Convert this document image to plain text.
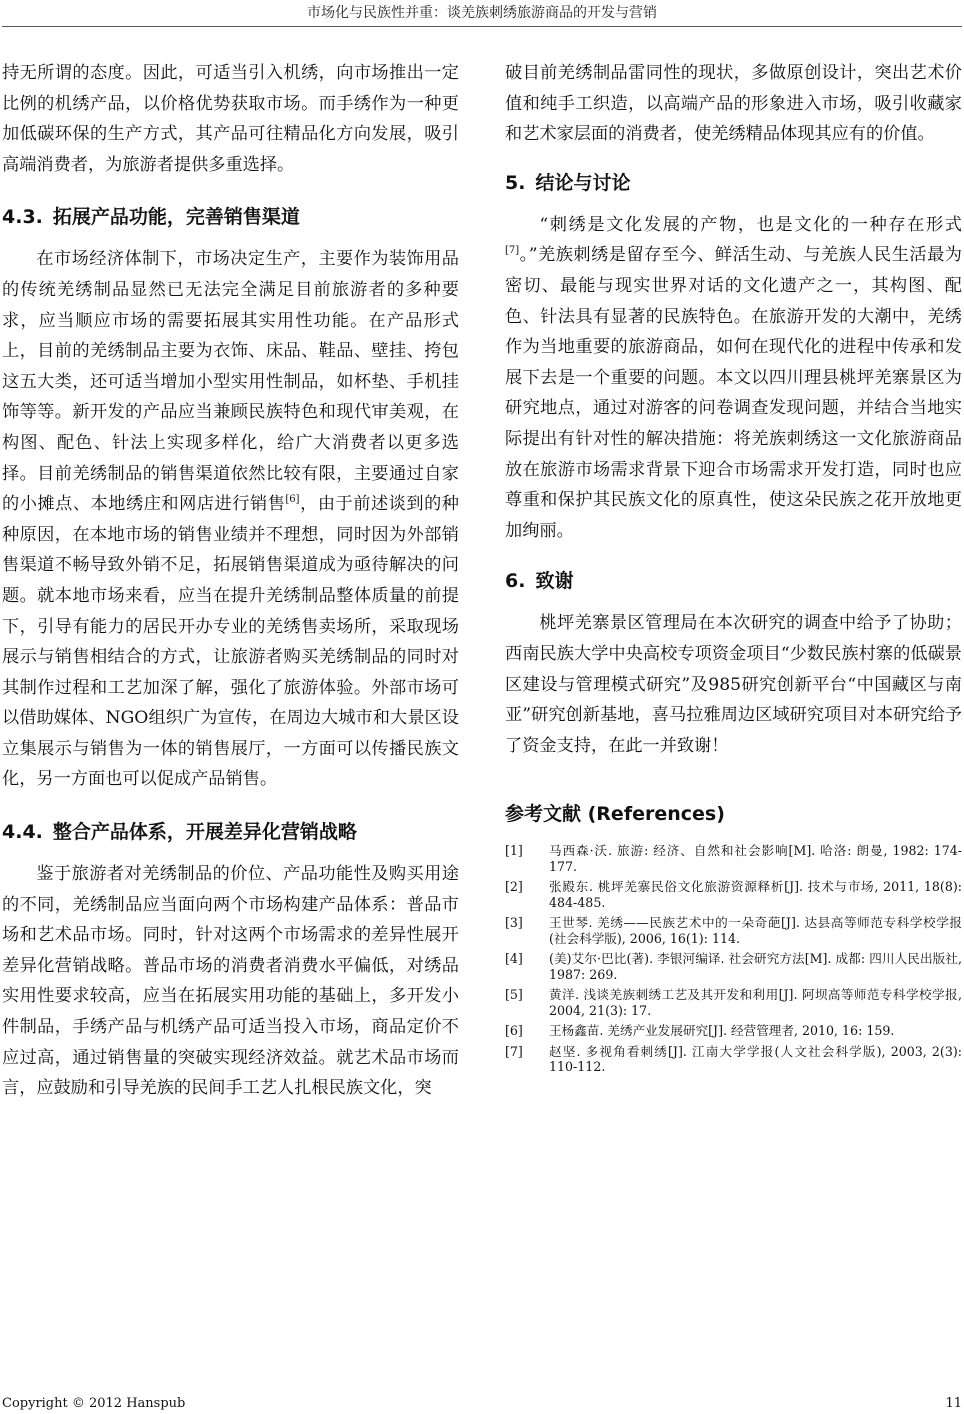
市场化与民族性并重：谈羌族刺绣旅游商品的开发与营销

持无所谓的态度。因此，可适当引入机绣，向市场推出一定比例的机绣产品，以价格优势获取市场。而手绣作为一种更加低碳环保的生产方式，其产品可往精品化方向发展，吸引高端消费者，为旅游者提供多重选择。

4.3. 拓展产品功能，完善销售渠道

在市场经济体制下，市场决定生产，主要作为装饰用品的传统羌绣制品显然已无法完全满足目前旅游者的多种要求，应当顺应市场的需要拓展其实用性功能。在产品形式上，目前的羌绣制品主要为衣饰、床品、鞋品、壁挂、挎包这五大类，还可适当增加小型实用性制品，如杯垫、手机挂饰等等。新开发的产品应当兼顾民族特色和现代审美观，在构图、配色、针法上实现多样化，给广大消费者以更多选择。目前羌绣制品的销售渠道依然比较有限，主要通过自家的小摊点、本地绣庄和网店进行销售[6]，由于前述谈到的种种原因，在本地市场的销售业绩并不理想，同时因为外部销售渠道不畅导致外销不足，拓展销售渠道成为亟待解决的问题。就本地市场来看，应当在提升羌绣制品整体质量的前提下，引导有能力的居民开办专业的羌绣售卖场所，采取现场展示与销售相结合的方式，让旅游者购买羌绣制品的同时对其制作过程和工艺加深了解，强化了旅游体验。外部市场可以借助媒体、NGO组织广为宣传，在周边大城市和大景区设立集展示与销售为一体的销售展厅，一方面可以传播民族文化，另一方面也可以促成产品销售。

4.4. 整合产品体系，开展差异化营销战略

鉴于旅游者对羌绣制品的价位、产品功能性及购买用途的不同，羌绣制品应当面向两个市场构建产品体系：普品市场和艺术品市场。同时，针对这两个市场需求的差异性展开差异化营销战略。普品市场的消费者消费水平偏低，对绣品实用性要求较高，应当在拓展实用功能的基础上，多开发小件制品，手绣产品与机绣产品可适当投入市场，商品定价不应过高，通过销售量的突破实现经济效益。就艺术品市场而言，应鼓励和引导羌族的民间手工艺人扎根民族文化，突

破目前羌绣制品雷同性的现状，多做原创设计，突出艺术价值和纯手工织造，以高端产品的形象进入市场，吸引收藏家和艺术家层面的消费者，使羌绣精品体现其应有的价值。

5. 结论与讨论

“刺绣是文化发展的产物，也是文化的一种存在形式[7]。”羌族刺绣是留存至今、鲜活生动、与羌族人民生活最为密切、最能与现实世界对话的文化遗产之一，其构图、配色、针法具有显著的民族特色。在旅游开发的大潮中，羌绣作为当地重要的旅游商品，如何在现代化的进程中传承和发展下去是一个重要的问题。本文以四川理县桃坪羌寨景区为研究地点，通过对游客的问卷调查发现问题，并结合当地实际提出有针对性的解决措施：将羌族刺绣这一文化旅游商品放在旅游市场需求背景下迎合市场需求开发打造，同时也应尊重和保护其民族文化的原真性，使这朵民族之花开放地更加绚丽。

6. 致谢

桃坪羌寨景区管理局在本次研究的调查中给予了协助；西南民族大学中央高校专项资金项目“少数民族村寨的低碳景区建设与管理模式研究”及985研究创新平台“中国藏区与南亚”研究创新基地，喜马拉雅周边区域研究项目对本研究给予了资金支持，在此一并致谢！

参考文献 (References)
[1] 马西森·沃. 旅游: 经济、自然和社会影响[M]. 哈洛: 朗曼, 1982: 174-177.
[2] 张殿东. 桃坪羌寨民俗文化旅游资源释析[J]. 技术与市场, 2011, 18(8): 484-485.
[3] 王世琴. 羌绣——民族艺术中的一朵奇葩[J]. 达县高等师范专科学校学报(社会科学版), 2006, 16(1): 114.
[4] (美)艾尔·巴比(著). 李银河编译. 社会研究方法[M]. 成都: 四川人民出版社, 1987: 269.
[5] 黄洋. 浅谈羌族刺绣工艺及其开发和利用[J]. 阿坝高等师范专科学校学报, 2004, 21(3): 17.
[6] 王杨鑫苗. 羌绣产业发展研究[J]. 经营管理者, 2010, 16: 159.
[7] 赵坚. 多视角看刺绣[J]. 江南大学学报(人文社会科学版), 2003, 2(3): 110-112.
Copyright © 2012 Hanspub	11
